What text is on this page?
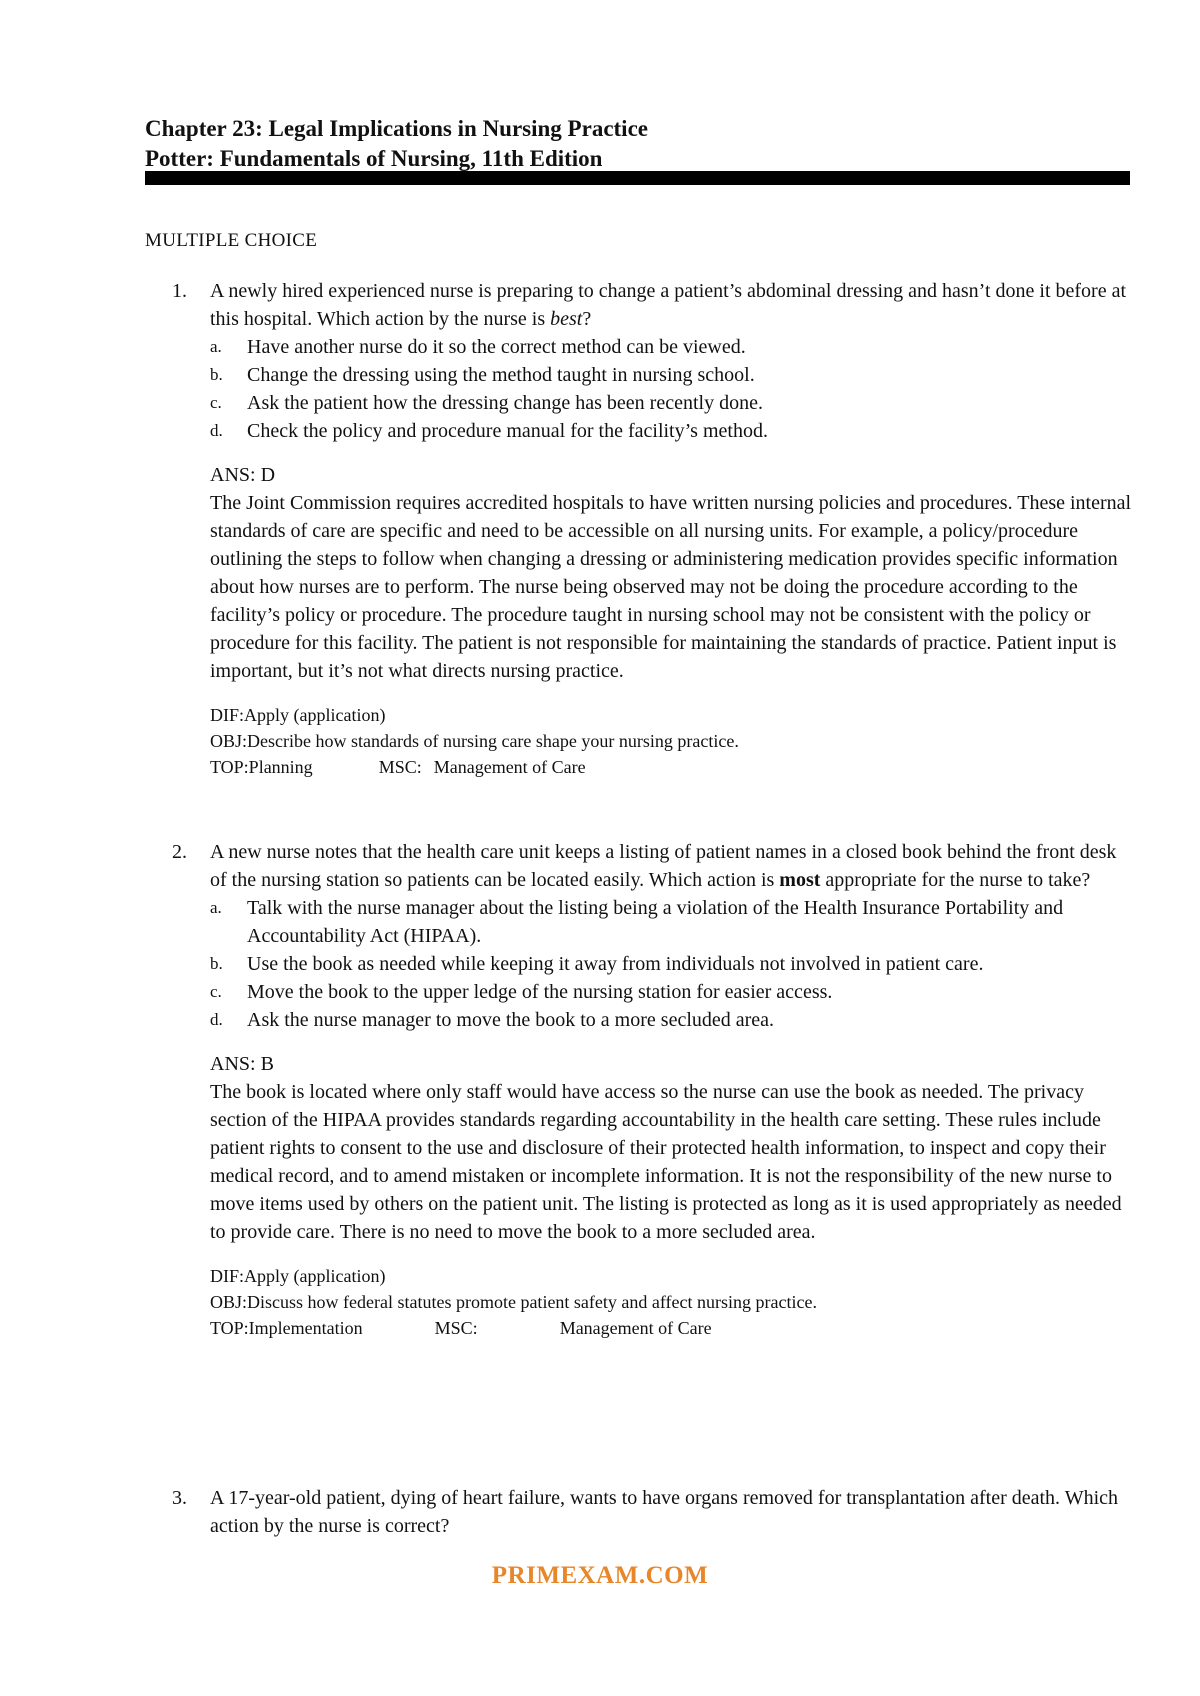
Chapter 23: Legal Implications in Nursing Practice
Potter: Fundamentals of Nursing, 11th Edition
MULTIPLE CHOICE
1. A newly hired experienced nurse is preparing to change a patient’s abdominal dressing and hasn’t done it before at this hospital. Which action by the nurse is best?
a. Have another nurse do it so the correct method can be viewed.
b. Change the dressing using the method taught in nursing school.
c. Ask the patient how the dressing change has been recently done.
d. Check the policy and procedure manual for the facility’s method.
ANS: D
The Joint Commission requires accredited hospitals to have written nursing policies and procedures. These internal standards of care are specific and need to be accessible on all nursing units. For example, a policy/procedure outlining the steps to follow when changing a dressing or administering medication provides specific information about how nurses are to perform. The nurse being observed may not be doing the procedure according to the facility’s policy or procedure. The procedure taught in nursing school may not be consistent with the policy or procedure for this facility. The patient is not responsible for maintaining the standards of practice. Patient input is important, but it’s not what directs nursing practice.
DIF:Apply (application)
OBJ:Describe how standards of nursing care shape your nursing practice.
TOP:Planning	MSC: Management of Care
2. A new nurse notes that the health care unit keeps a listing of patient names in a closed book behind the front desk of the nursing station so patients can be located easily. Which action is most appropriate for the nurse to take?
a. Talk with the nurse manager about the listing being a violation of the Health Insurance Portability and Accountability Act (HIPAA).
b. Use the book as needed while keeping it away from individuals not involved in patient care.
c. Move the book to the upper ledge of the nursing station for easier access.
d. Ask the nurse manager to move the book to a more secluded area.
ANS: B
The book is located where only staff would have access so the nurse can use the book as needed. The privacy section of the HIPAA provides standards regarding accountability in the health care setting. These rules include patient rights to consent to the use and disclosure of their protected health information, to inspect and copy their medical record, and to amend mistaken or incomplete information. It is not the responsibility of the new nurse to move items used by others on the patient unit. The listing is protected as long as it is used appropriately as needed to provide care. There is no need to move the book to a more secluded area.
DIF:Apply (application)
OBJ:Discuss how federal statutes promote patient safety and affect nursing practice.
TOP:Implementation	MSC:	Management of Care
3. A 17-year-old patient, dying of heart failure, wants to have organs removed for transplantation after death. Which action by the nurse is correct?
PRIMEXAM.COM
